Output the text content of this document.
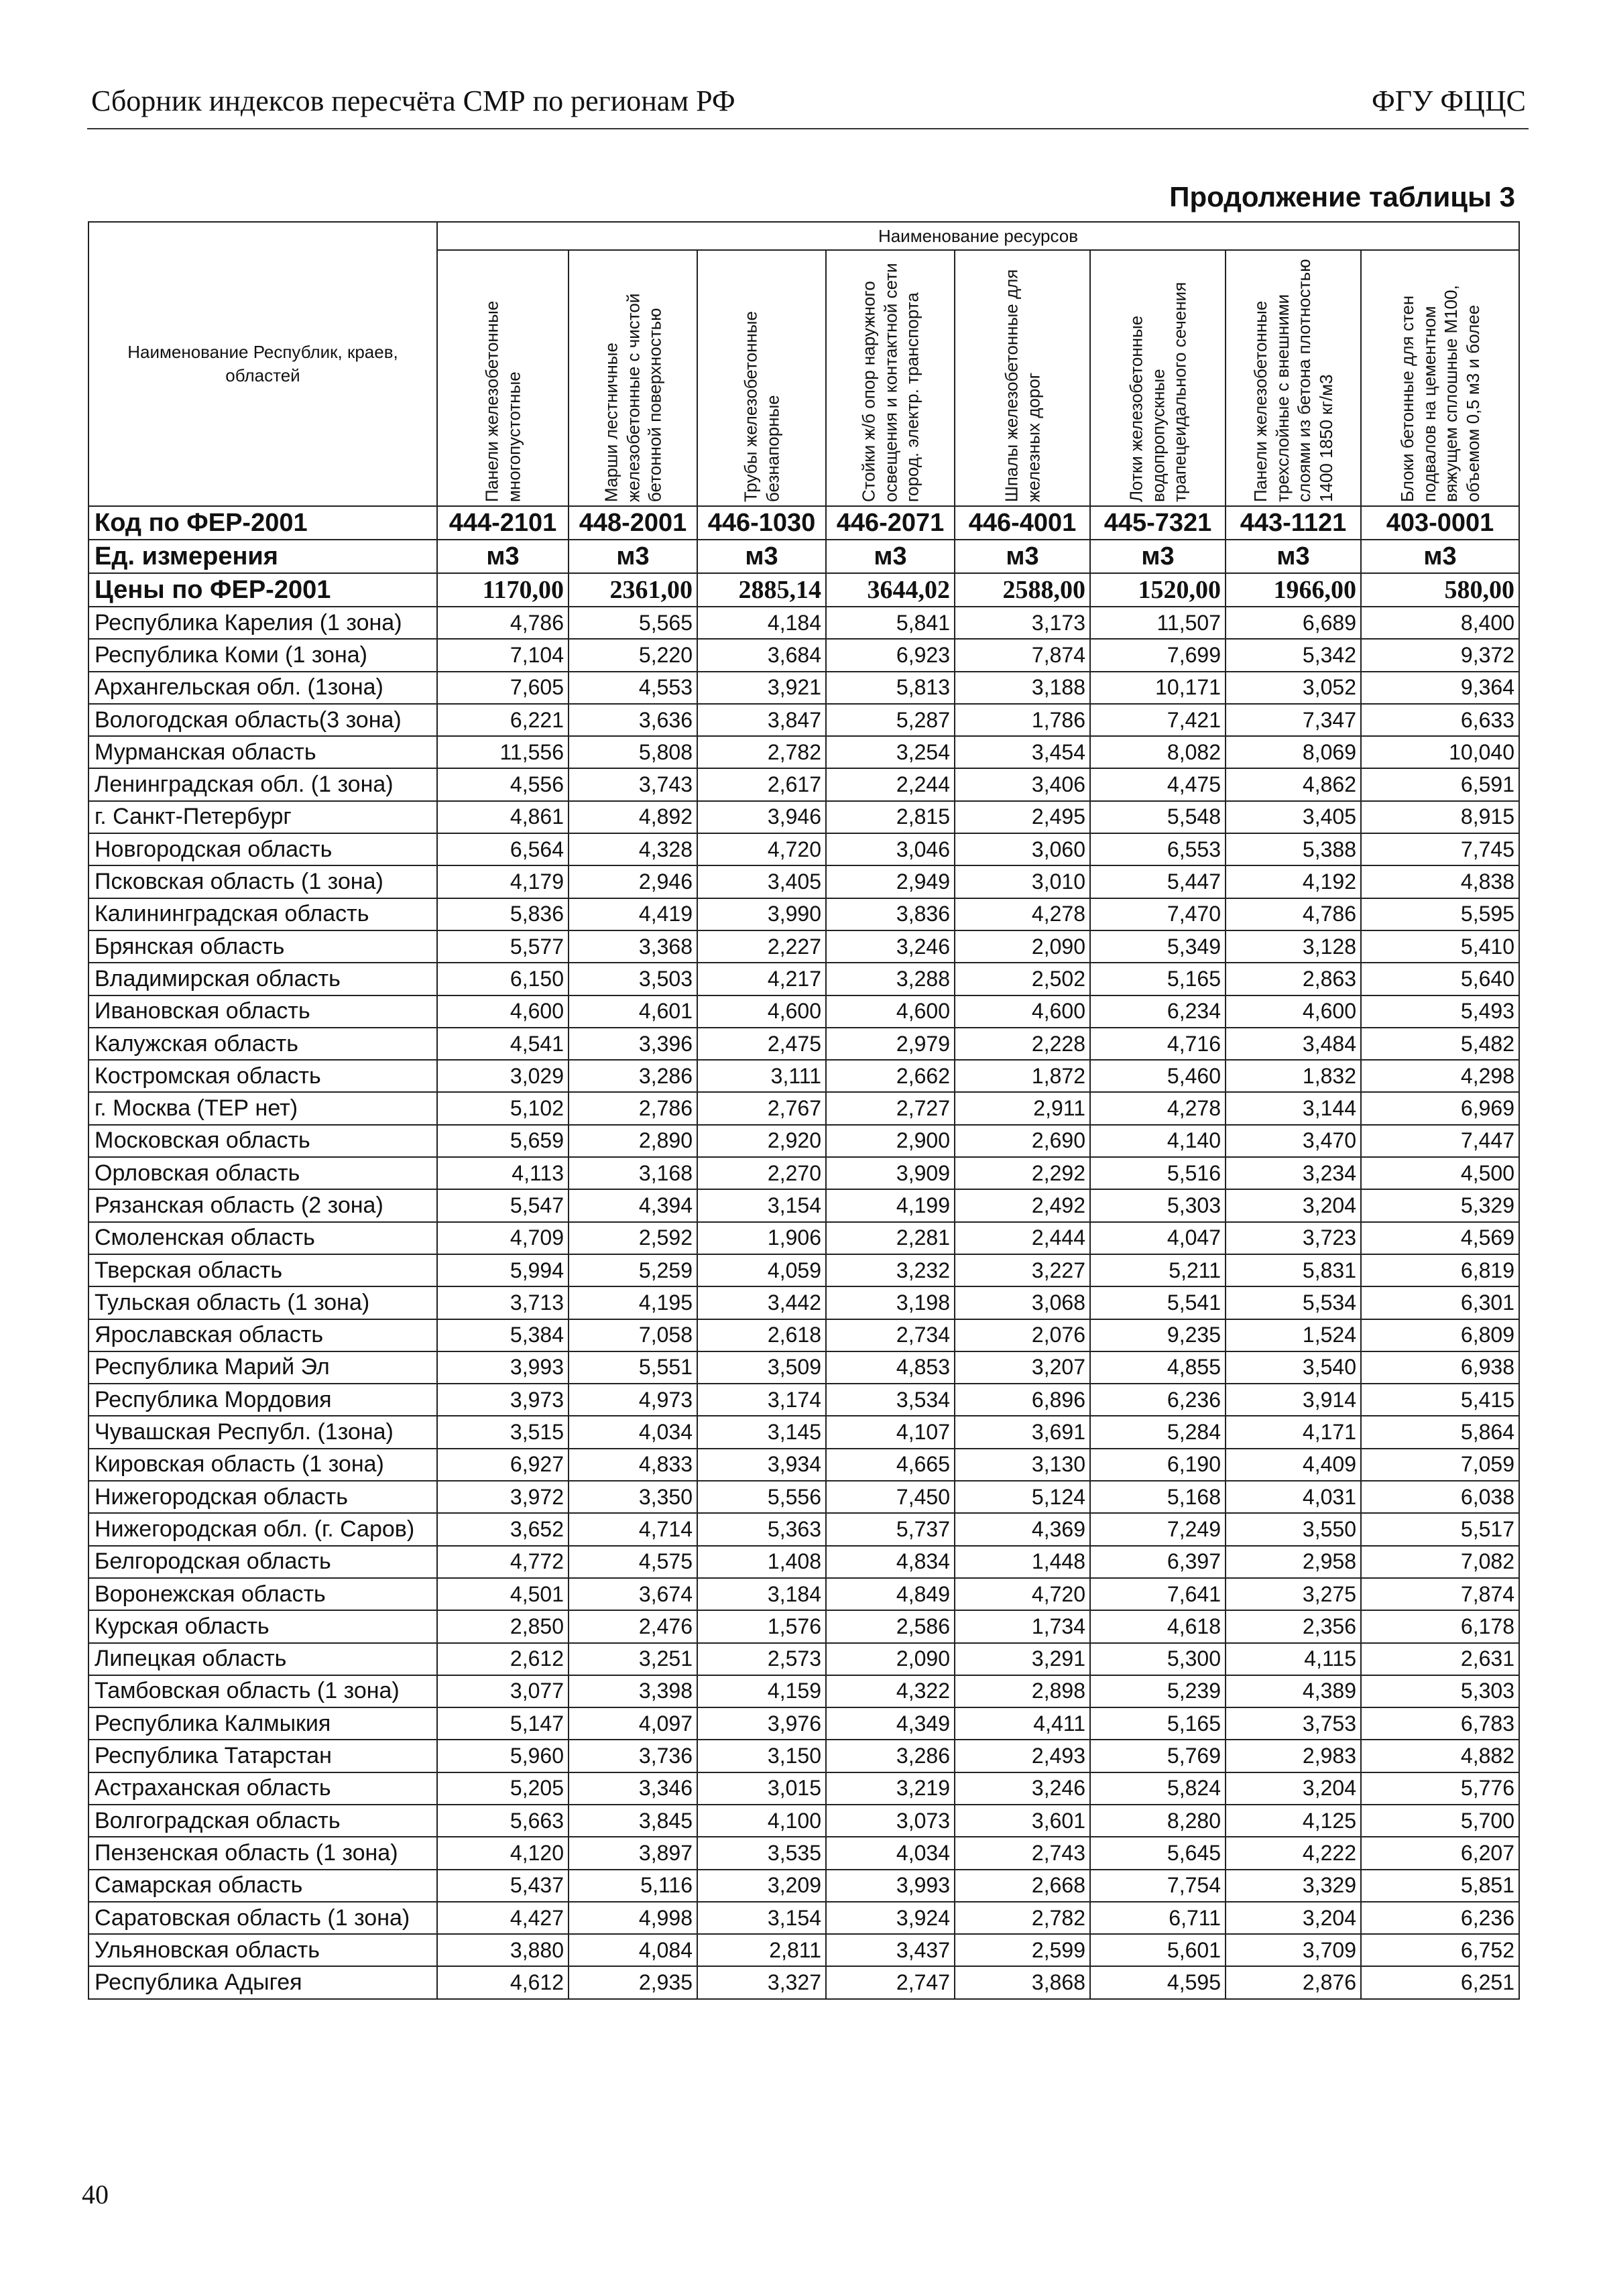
Сборник индексов пересчёта СМР по регионам РФ	ФГУ ФЦЦС
Продолжение таблицы 3
Наименование Республик, краев, областей	Наименование ресурсов							

	Панели железобетонные многопустотные	Марши лестничные железобетонные с чистой бетонной поверхностью	Трубы железобетонные безнапорные	Стойки ж/б опор наружного освещения и контактной сети город. электр. транспорта	Шпалы железобетонные для железных дорог	Лотки железобетонные водопропускные трапецеидального сечения	Панели железобетонные трехслойные с внешними слоями из бетона плотностью 1400 1850 кг/м3	Блоки бетонные для стен подвалов на цементном вяжущем сплошные М100, объемом 0,5 м3 и более

Код по ФЕР-2001	444-2101	448-2001	446-1030	446-2071	446-4001	445-7321	443-1121	403-0001
Ед. измерения	м3	м3	м3	м3	м3	м3	м3	м3
Цены по ФЕР-2001	1170,00	2361,00	2885,14	3644,02	2588,00	1520,00	1966,00	580,00
Республика Карелия (1 зона)	4,786	5,565	4,184	5,841	3,173	11,507	6,689	8,400
Республика Коми (1 зона)	7,104	5,220	3,684	6,923	7,874	7,699	5,342	9,372
Архангельская обл. (1зона)	7,605	4,553	3,921	5,813	3,188	10,171	3,052	9,364
Вологодская область(3 зона)	6,221	3,636	3,847	5,287	1,786	7,421	7,347	6,633
Мурманская область	11,556	5,808	2,782	3,254	3,454	8,082	8,069	10,040
Ленинградская обл. (1 зона)	4,556	3,743	2,617	2,244	3,406	4,475	4,862	6,591
г. Санкт-Петербург	4,861	4,892	3,946	2,815	2,495	5,548	3,405	8,915
Новгородская область	6,564	4,328	4,720	3,046	3,060	6,553	5,388	7,745
Псковская область (1 зона)	4,179	2,946	3,405	2,949	3,010	5,447	4,192	4,838
Калининградская область	5,836	4,419	3,990	3,836	4,278	7,470	4,786	5,595
Брянская область	5,577	3,368	2,227	3,246	2,090	5,349	3,128	5,410
Владимирская область	6,150	3,503	4,217	3,288	2,502	5,165	2,863	5,640
Ивановская область	4,600	4,601	4,600	4,600	4,600	6,234	4,600	5,493
Калужская область	4,541	3,396	2,475	2,979	2,228	4,716	3,484	5,482
Костромская область	3,029	3,286	3,111	2,662	1,872	5,460	1,832	4,298
г. Москва (ТЕР нет)	5,102	2,786	2,767	2,727	2,911	4,278	3,144	6,969
Московская область	5,659	2,890	2,920	2,900	2,690	4,140	3,470	7,447
Орловская область	4,113	3,168	2,270	3,909	2,292	5,516	3,234	4,500
Рязанская область (2 зона)	5,547	4,394	3,154	4,199	2,492	5,303	3,204	5,329
Смоленская область	4,709	2,592	1,906	2,281	2,444	4,047	3,723	4,569
Тверская область	5,994	5,259	4,059	3,232	3,227	5,211	5,831	6,819
Тульская область (1 зона)	3,713	4,195	3,442	3,198	3,068	5,541	5,534	6,301
Ярославская область	5,384	7,058	2,618	2,734	2,076	9,235	1,524	6,809
Республика Марий Эл	3,993	5,551	3,509	4,853	3,207	4,855	3,540	6,938
Республика Мордовия	3,973	4,973	3,174	3,534	6,896	6,236	3,914	5,415
Чувашская Республ. (1зона)	3,515	4,034	3,145	4,107	3,691	5,284	4,171	5,864
Кировская область (1 зона)	6,927	4,833	3,934	4,665	3,130	6,190	4,409	7,059
Нижегородская область	3,972	3,350	5,556	7,450	5,124	5,168	4,031	6,038
Нижегородская обл. (г. Саров)	3,652	4,714	5,363	5,737	4,369	7,249	3,550	5,517
Белгородская область	4,772	4,575	1,408	4,834	1,448	6,397	2,958	7,082
Воронежская область	4,501	3,674	3,184	4,849	4,720	7,641	3,275	7,874
Курская область	2,850	2,476	1,576	2,586	1,734	4,618	2,356	6,178
Липецкая область	2,612	3,251	2,573	2,090	3,291	5,300	4,115	2,631
Тамбовская область (1 зона)	3,077	3,398	4,159	4,322	2,898	5,239	4,389	5,303
Республика Калмыкия	5,147	4,097	3,976	4,349	4,411	5,165	3,753	6,783
Республика Татарстан	5,960	3,736	3,150	3,286	2,493	5,769	2,983	4,882
Астраханская область	5,205	3,346	3,015	3,219	3,246	5,824	3,204	5,776
Волгоградская область	5,663	3,845	4,100	3,073	3,601	8,280	4,125	5,700
Пензенская область (1 зона)	4,120	3,897	3,535	4,034	2,743	5,645	4,222	6,207
Самарская область	5,437	5,116	3,209	3,993	2,668	7,754	3,329	5,851
Саратовская область (1 зона)	4,427	4,998	3,154	3,924	2,782	6,711	3,204	6,236
Ульяновская область	3,880	4,084	2,811	3,437	2,599	5,601	3,709	6,752
Республика Адыгея	4,612	2,935	3,327	2,747	3,868	4,595	2,876	6,251
40
